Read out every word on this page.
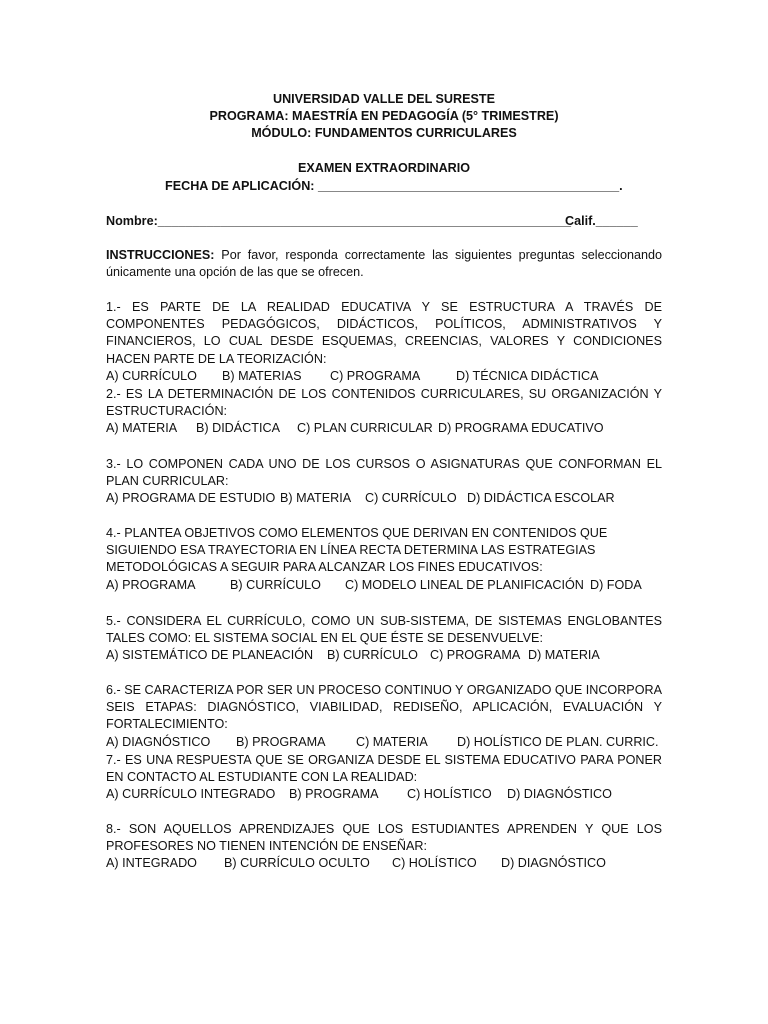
UNIVERSIDAD VALLE DEL SURESTE
PROGRAMA: MAESTRÍA EN PEDAGOGÍA (5° TRIMESTRE)
MÓDULO: FUNDAMENTOS CURRICULARES
EXAMEN EXTRAORDINARIO
FECHA DE APLICACIÓN: ___________________________________________.
Nombre:___________________________________________________________
Calif.______
INSTRUCCIONES: Por favor, responda correctamente las siguientes preguntas seleccionando únicamente una opción de las que se ofrecen.
1.- ES PARTE DE LA REALIDAD EDUCATIVA Y SE ESTRUCTURA A TRAVÉS DE COMPONENTES PEDAGÓGICOS, DIDÁCTICOS, POLÍTICOS, ADMINISTRATIVOS Y FINANCIEROS, LO CUAL DESDE ESQUEMAS, CREENCIAS, VALORES Y CONDICIONES HACEN PARTE DE LA TEORIZACIÓN:
A) CURRÍCULO B) MATERIAS C) PROGRAMA	D) TÉCNICA DIDÁCTICA
2.- ES LA DETERMINACIÓN DE LOS CONTENIDOS CURRICULARES, SU ORGANIZACIÓN Y ESTRUCTURACIÓN:
A) MATERIA B) DIDÁCTICA C) PLAN CURRICULAR D) PROGRAMA EDUCATIVO
3.- LO COMPONEN CADA UNO DE LOS CURSOS O ASIGNATURAS QUE CONFORMAN EL PLAN CURRICULAR:
A) PROGRAMA DE ESTUDIO B) MATERIA C) CURRÍCULO D) DIDÁCTICA ESCOLAR
4.- PLANTEA OBJETIVOS COMO ELEMENTOS QUE DERIVAN EN CONTENIDOS QUE SIGUIENDO ESA TRAYECTORIA EN LÍNEA RECTA DETERMINA LAS ESTRATEGIAS METODOLÓGICAS A SEGUIR PARA ALCANZAR LOS FINES EDUCATIVOS:
A) PROGRAMA	B) CURRÍCULO C) MODELO LINEAL DE PLANIFICACIÓN D) FODA
5.- CONSIDERA EL CURRÍCULO, COMO UN SUB-SISTEMA, DE SISTEMAS ENGLOBANTES TALES COMO: EL SISTEMA SOCIAL EN EL QUE ÉSTE SE DESENVUELVE:
A) SISTEMÁTICO DE PLANEACIÓN B) CURRÍCULO C) PROGRAMA D) MATERIA
6.- SE CARACTERIZA POR SER UN PROCESO CONTINUO Y ORGANIZADO QUE INCORPORA SEIS ETAPAS: DIAGNÓSTICO, VIABILIDAD, REDISEÑO, APLICACIÓN, EVALUACIÓN Y FORTALECIMIENTO:
A) DIAGNÓSTICO B) PROGRAMA C) MATERIA D) HOLÍSTICO DE PLAN. CURRIC.
7.- ES UNA RESPUESTA QUE SE ORGANIZA DESDE EL SISTEMA EDUCATIVO PARA PONER EN CONTACTO AL ESTUDIANTE CON LA REALIDAD:
A) CURRÍCULO INTEGRADO B) PROGRAMA C) HOLÍSTICO D) DIAGNÓSTICO
8.- SON AQUELLOS APRENDIZAJES QUE LOS ESTUDIANTES APRENDEN Y QUE LOS PROFESORES NO TIENEN INTENCIÓN DE ENSEÑAR:
A) INTEGRADO B) CURRÍCULO OCULTO C) HOLÍSTICO D) DIAGNÓSTICO
